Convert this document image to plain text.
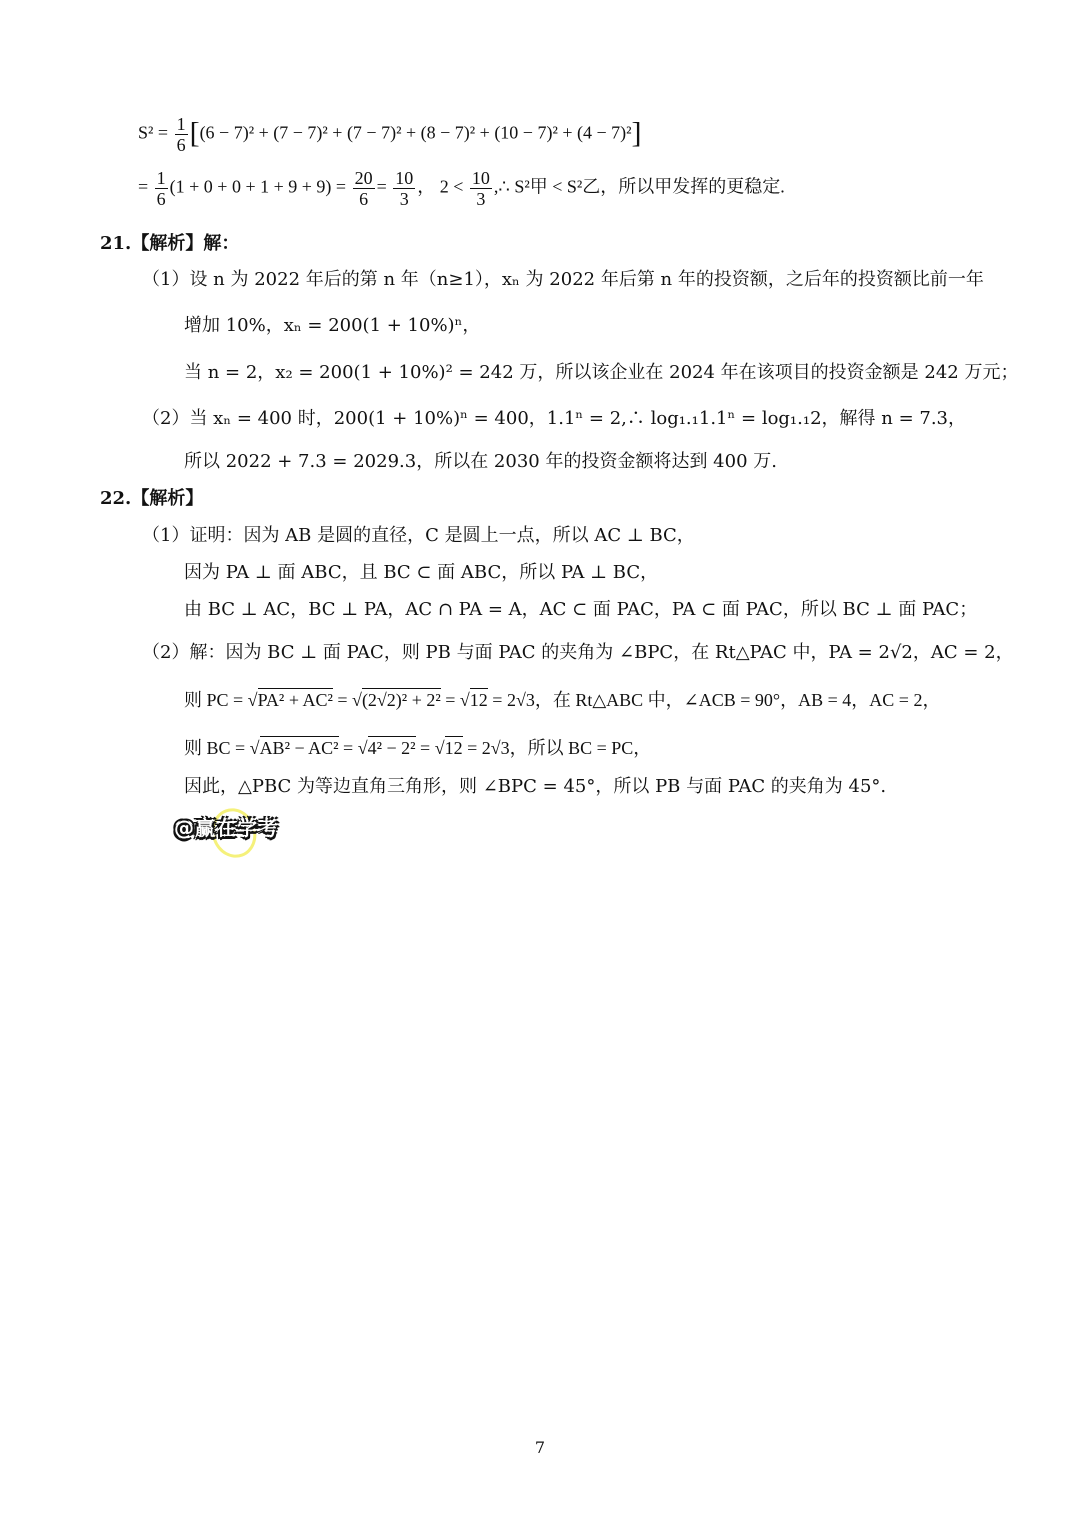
$S^2 = \frac{1}{6} [(6 - 7)^2 + (7 - 7)^2 + (7 - 7)^2 + (8 - 7)^2 + (10 - 7)^2 + (4 - 7)^2]$
= $\frac{1}{6} (1 + 0 + 0 + 1 + 9 + 9) = \frac{20}{6} = \frac{10}{3}$ ， $2 < \frac{10}{3}$ ,∴ S²甲 < S²乙，所以甲发挥的更稳定.
21.【解析】解：
（1）设 n 为 2022 年后的第 n 年（n≥1），xₙ 为 2022 年后第 n 年的投资额，之后年的投资额比前一年
增加 10%，xₙ = 200(1 + 10%)ⁿ，
当 n = 2，x₂ = 200(1 + 10%)² = 242 万，所以该企业在 2024 年在该项目的投资金额是 242 万元；
（2）当 xₙ = 400 时，200(1 + 10%)ⁿ = 400，1.1ⁿ = 2,∴ log₁.₁1.1ⁿ = log₁.₁2，解得 n = 7.3，
所以 2022 + 7.3 = 2029.3，所以在 2030 年的投资金额将达到 400 万.
22.【解析】
（1）证明：因为 AB 是圆的直径，C 是圆上一点，所以 AC ⊥ BC，
因为 PA ⊥ 面 ABC，且 BC ⊂ 面 ABC，所以 PA ⊥ BC，
由 BC ⊥ AC，BC ⊥ PA，AC ∩ PA = A，AC ⊂ 面 PAC，PA ⊂ 面 PAC，所以 BC ⊥ 面 PAC；
（2）解：因为 BC ⊥ 面 PAC，则 PB 与面 PAC 的夹角为 ∠BPC，在 Rt△PAC 中，PA = 2√2，AC = 2，
则 PC = √PA² + AC² = √(2√2)² + 2² = √12 = 2√3，在 Rt△ABC 中，∠ACB = 90°，AB = 4，AC = 2，
则 BC = √AB² − AC² = √4² − 2² = √12 = 2√3，所以 BC = PC，
因此，△PBC 为等边直角三角形，则 ∠BPC = 45°，所以 PB 与面 PAC 的夹角为 45°.
@赢在学考
7
